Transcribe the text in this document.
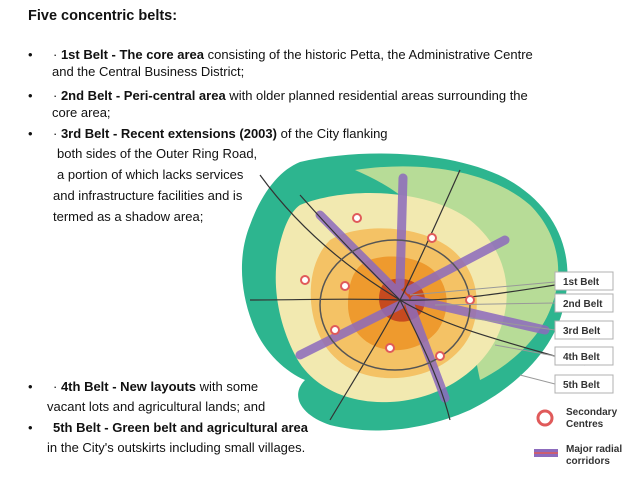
1st Belt
2nd Belt
3rd Belt
4th Belt
5th Belt
Secondary
Centres
Major radial
corridors
Five concentric belts:
• · 1st Belt - The core area consisting of the historic Petta, the Administrative Centre
and the Central Business District;
• · 2nd Belt - Peri-central area with older planned residential areas surrounding the
core area;
• · 3rd Belt - Recent extensions (2003) of the City flanking
both sides of the Outer Ring Road,
a portion of which lacks services
and infrastructure facilities and is
termed as a shadow area;
• · 4th Belt - New layouts with some
vacant lots and agricultural lands; and
• 5th Belt - Green belt and agricultural area
in the City's outskirts including small villages.
